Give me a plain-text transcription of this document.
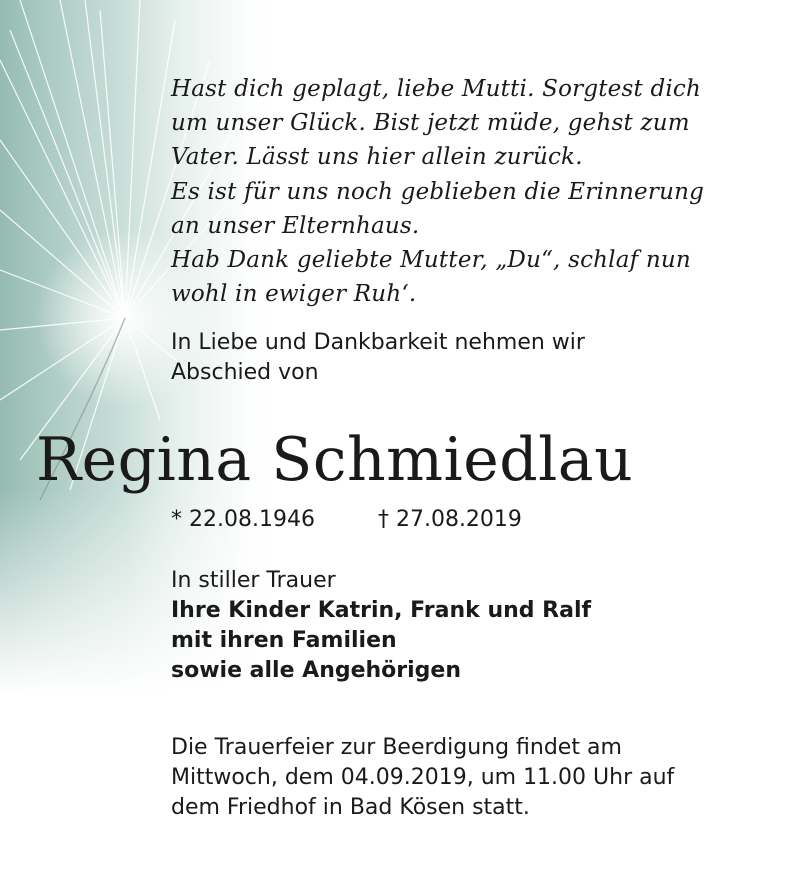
Hast dich geplagt, liebe Mutti. Sorgtest dich
um unser Glück. Bist jetzt müde, gehst zum
Vater. Lässt uns hier allein zurück.
Es ist für uns noch geblieben die Erinnerung
an unser Elternhaus.
Hab Dank geliebte Mutter, „Du“, schlaf nun
wohl in ewiger Ruh‘.
In Liebe und Dankbarkeit nehmen wir
Abschied von
Regina Schmiedlau
* 22.08.1946	† 27.08.2019
In stiller Trauer
Ihre Kinder Katrin, Frank und Ralf
mit ihren Familien
sowie alle Angehörigen
Die Trauerfeier zur Beerdigung findet am
Mittwoch, dem 04.09.2019, um 11.00 Uhr auf
dem Friedhof in Bad Kösen statt.
